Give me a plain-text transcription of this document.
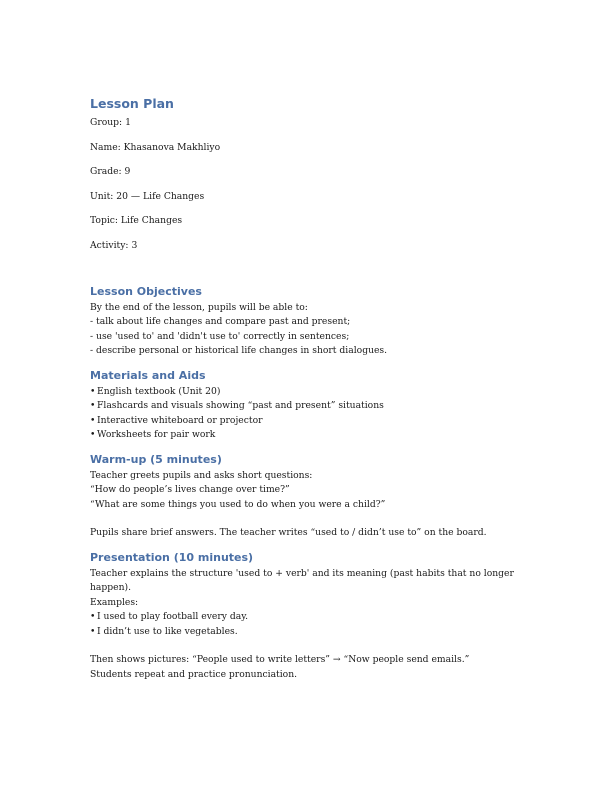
Lesson Plan
Group: 1
Name: Khasanova Makhliyo
Grade: 9
Unit: 20 — Life Changes
Topic: Life Changes
Activity: 3
Lesson Objectives
By the end of the lesson, pupils will be able to:
- talk about life changes and compare past and present;
- use 'used to' and 'didn't use to' correctly in sentences;
- describe personal or historical life changes in short dialogues.
Materials and Aids
• English textbook (Unit 20)
• Flashcards and visuals showing “past and present” situations
• Interactive whiteboard or projector
• Worksheets for pair work
Warm-up (5 minutes)
Teacher greets pupils and asks short questions:
“How do people’s lives change over time?”
“What are some things you used to do when you were a child?”
Pupils share brief answers. The teacher writes “used to / didn’t use to” on the board.
Presentation (10 minutes)
Teacher explains the structure 'used to + verb' and its meaning (past habits that no longer
happen).
Examples:
• I used to play football every day.
• I didn’t use to like vegetables.
Then shows pictures: “People used to write letters” → “Now people send emails.”
Students repeat and practice pronunciation.
